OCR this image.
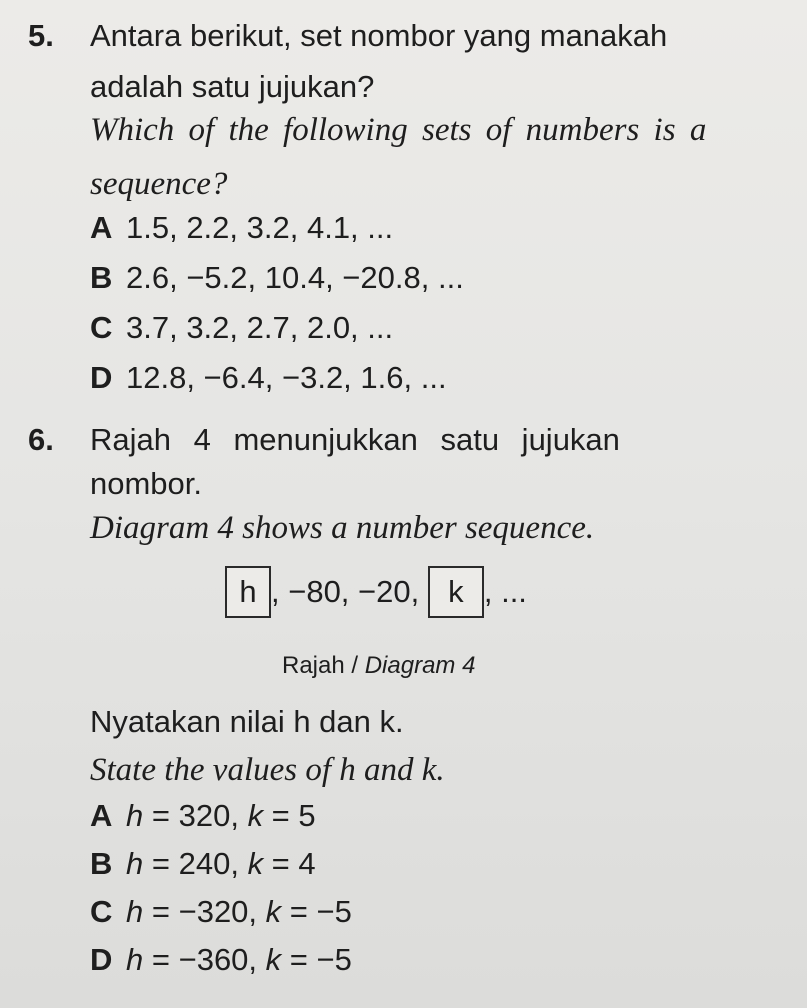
5. Antara berikut, set nombor yang manakah
adalah satu jujukan?
Which of the following sets of numbers is a
sequence?
A 1.5, 2.2, 3.2, 4.1, ...
B 2.6, −5.2, 10.4, −20.8, ...
C 3.7, 3.2, 2.7, 2.0, ...
D 12.8, −6.4, −3.2, 1.6, ...
6. Rajah 4 menunjukkan satu jujukan
nombor.
Diagram 4 shows a number sequence.
h , −80, −20, k , ...
Rajah / Diagram 4
Nyatakan nilai h dan k.
State the values of h and k.
A h = 320, k = 5
B h = 240, k = 4
C h = −320, k = −5
D h = −360, k = −5
